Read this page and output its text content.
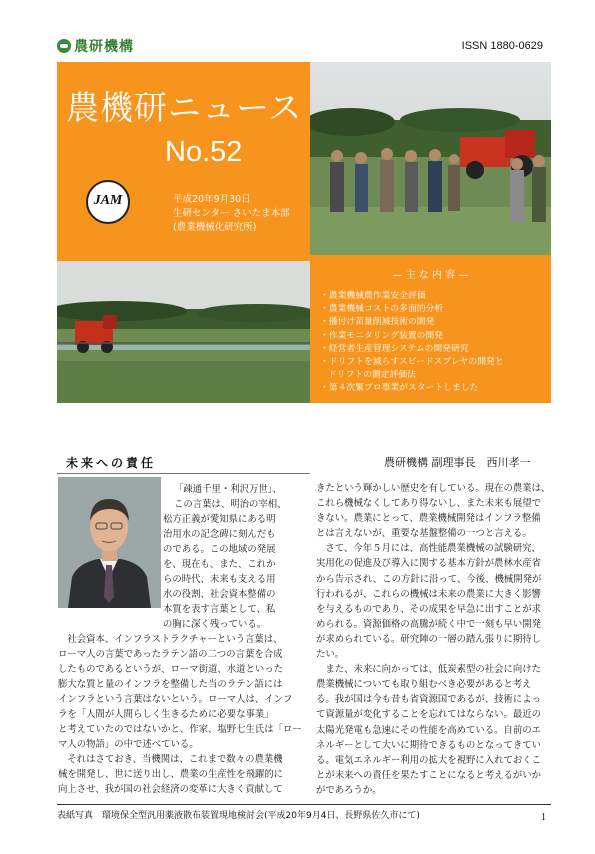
農研機構	ISSN 1880-0629
農機研ニュース
No.52
JAM	平成20年9月30日
生研センター さいたま本部
(農業機械化研究所)
— 主 な 内 容 —
・農業機械農作業安全評価
・農業機械コストの多面的分析
・播付け苗量削減技術の開発
・作業モニタリング装置の開発
・経営者生産管理システムの開発研究
・ドリフトを減らすスピードスプレヤの開発と
ドリフトの測定評価法
・第４次緊プロ事業がスタートしました
未来への責任	農研機構 副理事長　西川孝一
「疎通千里・利沢万世」、
この言葉は、明治の宰相、
松方正義が愛知県にある明
治用水の記念碑に刻んだも
のである。この地域の発展
を、現在も、また、これか
らの時代、未来も支える用
水の役割、社会資本整備の
本質を表す言葉として、私
の胸に深く残っている。
　社会資本、インフラストラクチャーという言葉は、
ローマ人の言葉であったラテン語の二つの言葉を合成
したものであるというが、ローマ街道、水道といった
膨大な質と量のインフラを整備した当のラテン語には
インフラという言葉はないという。ローマ人は、インフ
ラを「人間が人間らしく生きるために必要な事業」
と考えていたのではないかと、作家、塩野七生氏は「ロー
マ人の物語」の中で述べている。
　それはさておき、当機関は、これまで数々の農業機
械を開発し、世に送り出し、農業の生産性を飛躍的に
向上させ、我が国の社会経済の変革に大きく貢献して
きたという輝かしい歴史を有している。現在の農業は、
これら機械なくしてあり得ないし、また未来も展望で
きない。農業にとって、農業機械開発はインフラ整備
とは言えないが、重要な基盤整備の一つと言える。
　さて、今年５月には、高性能農業機械の試験研究、
実用化の促進及び導入に関する基本方針が農林水産省
から告示され、この方針に沿って、今後、機械開発が
行われるが、これらの機械は未来の農業に大きく影響
を与えるものであり、その成果を早急に出すことが求
められる。資源価格の高騰が続く中で一刻も早い開発
が求められている。研究陣の一層の踏ん張りに期待し
たい。
　また、未来に向かっては、低炭素型の社会に向けた
農業機械についても取り組むべき必要があると考え
る。我が国は今も昔も省資源国であるが、技術によっ
て資源量が変化することを忘れてはならない。最近の
太陽光発電も急速にその性能を高めている。自前のエ
ネルギーとして大いに期待できるものとなってきてい
る。電気エネルギー利用の拡大を視野に入れておくこ
とが未来への責任を果たすことになると考えるがいか
がであろうか。
表紙写真　環境保全型汎用薬液散布装置現地検討会(平成20年9月4日、長野県佐久市にて)	1
